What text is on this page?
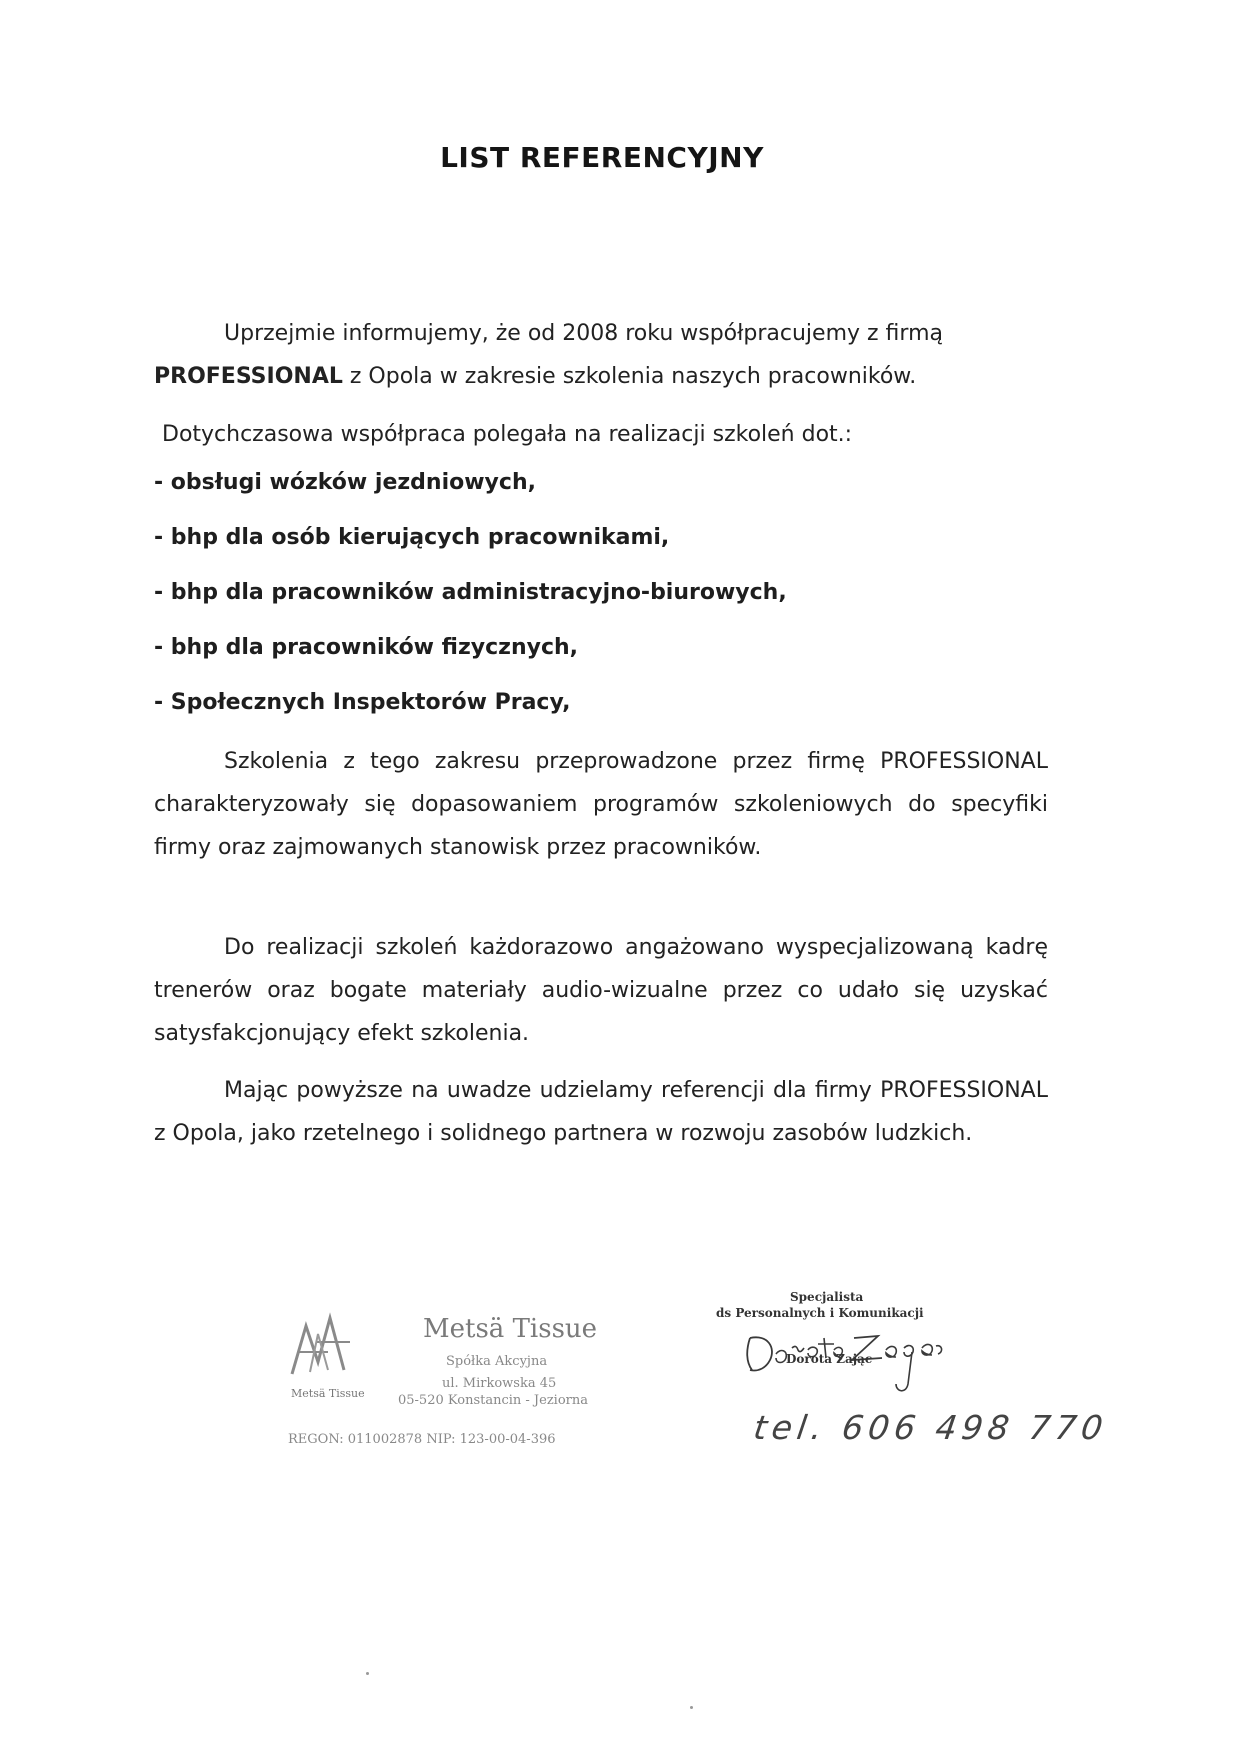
LIST REFERENCYJNY
Uprzejmie informujemy, że od 2008 roku współpracujemy z firmą
PROFESSIONAL z Opola w zakresie szkolenia naszych pracowników.
Dotychczasowa współpraca polegała na realizacji szkoleń dot.:
- obsługi wózków jezdniowych,
- bhp dla osób kierujących pracownikami,
- bhp dla pracowników administracyjno-biurowych,
- bhp dla pracowników fizycznych,
- Społecznych Inspektorów Pracy,
Szkolenia z tego zakresu przeprowadzone przez firmę PROFESSIONAL charakteryzowały się dopasowaniem programów szkoleniowych do specyfiki firmy oraz zajmowanych stanowisk przez pracowników.
Do realizacji szkoleń każdorazowo angażowano wyspecjalizowaną kadrę trenerów oraz bogate materiały audio-wizualne przez co udało się uzyskać satysfakcjonujący efekt szkolenia.
Mając powyższe na uwadze udzielamy referencji dla firmy PROFESSIONAL z Opola, jako rzetelnego i solidnego partnera w rozwoju zasobów ludzkich.
Metsä Tissue
Metsä Tissue
Spółka Akcyjna
ul. Mirkowska 45
05-520 Konstancin - Jeziorna
REGON: 011002878 NIP: 123-00-04-396
Specjalista
ds Personalnych i Komunikacji
Dorota Zając
tel. 606 498 770
